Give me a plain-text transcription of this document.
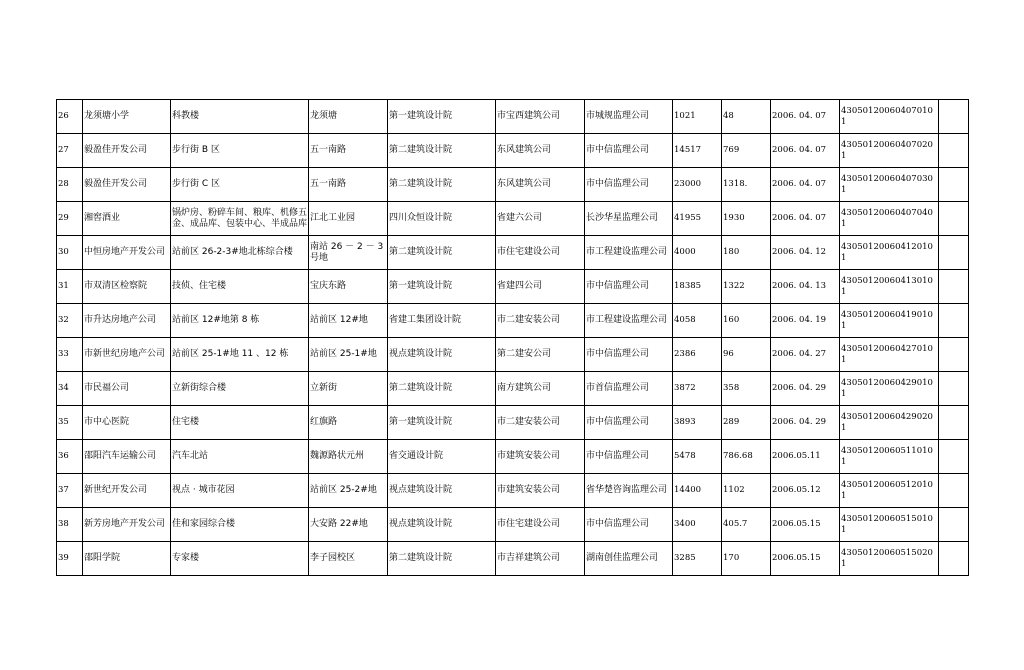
26	龙须塘小学	科教楼	龙须塘	第一建筑设计院	市宝西建筑公司	市城规监理公司	1021	48	2006. 04. 07	430501200604070101	
27	毅盈佳开发公司	步行街 B 区	五一南路	第二建筑设计院	东风建筑公司	市中信监理公司	14517	769	2006. 04. 07	430501200604070201	
28	毅盈佳开发公司	步行街 C 区	五一南路	第二建筑设计院	东风建筑公司	市中信监理公司	23000	1318.	2006. 04. 07	430501200604070301	
29	湘窖酒业	锅炉房、粉碎车间、粮库、机修五金、成品库、包装中心、半成品库	江北工业园	四川众恒设计院	省建六公司	长沙华星监理公司	41955	1930	2006. 04. 07	430501200604070401	
30	中恒房地产开发公司	站前区 26-2-3#地北栋综合楼	南站 26 － 2 － 3 号地	第二建筑设计院	市住宅建设公司	市工程建设监理公司	4000	180	2006. 04. 12	430501200604120101	
31	市双清区检察院	技侦、住宅楼	宝庆东路	第一建筑设计院	省建四公司	市中信监理公司	18385	1322	2006. 04. 13	430501200604130101	
32	市升达房地产公司	站前区 12#地第 8 栋	站前区 12#地	省建工集团设计院	市二建安装公司	市工程建设监理公司	4058	160	2006. 04. 19	430501200604190101	
33	市新世纪房地产公司	站前区 25-1#地 11 、12 栋	站前区 25-1#地	视点建筑设计院	第二建安公司	市中信监理公司	2386	96	2006. 04. 27	430501200604270101	
34	市民福公司	立新街综合楼	立新街	第二建筑设计院	南方建筑公司	市首信监理公司	3872	358	2006. 04. 29	430501200604290101	
35	市中心医院	住宅楼	红旗路	第一建筑设计院	市二建安装公司	市中信监理公司	3893	289	2006. 04. 29	430501200604290201	
36	邵阳汽车运输公司	汽车北站	魏源路状元州	省交通设计院	市建筑安装公司	市中信监理公司	5478	786.68	2006.05.11	430501200605110101	
37	新世纪开发公司	视点 · 城市花园	站前区 25-2#地	视点建筑设计院	市建筑安装公司	省华楚咨询监理公司	14400	1102	2006.05.12	430501200605120101	
38	新芳房地产开发公司	佳和家园综合楼	大安路 22#地	视点建筑设计院	市住宅建设公司	市中信监理公司	3400	405.7	2006.05.15	430501200605150101	
39	邵阳学院	专家楼	李子园校区	第二建筑设计院	市吉祥建筑公司	湖南创佳监理公司	3285	170	2006.05.15	430501200605150201	
